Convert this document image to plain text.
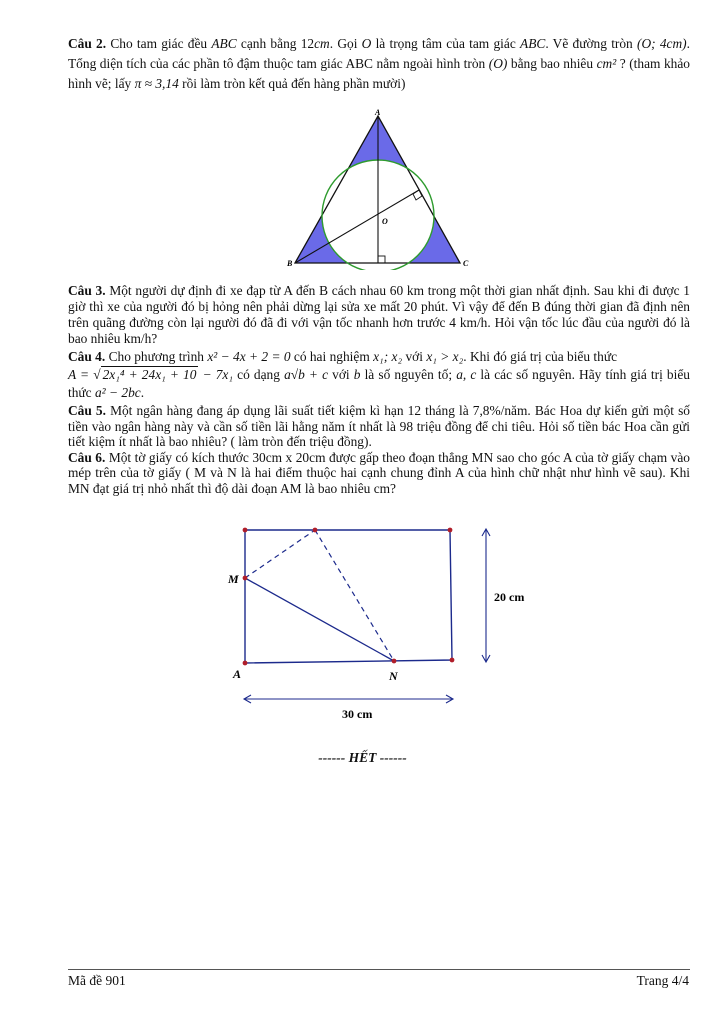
Câu 2. Cho tam giác đều ABC cạnh bằng 12cm. Gọi O là trọng tâm của tam giác ABC. Vẽ đường tròn (O; 4cm). Tổng diện tích của các phần tô đậm thuộc tam giác ABC nằm ngoài hình tròn (O) bằng bao nhiêu cm² ? (tham khảo hình vẽ; lấy π ≈ 3,14 rồi làm tròn kết quả đến hàng phần mười)

A
B	C
O

Câu 3. Một người dự định đi xe đạp từ A đến B cách nhau 60 km trong một thời gian nhất định. Sau khi đi được 1 giờ thì xe của người đó bị hỏng nên phải dừng lại sửa xe mất 20 phút. Vì vậy để đến B đúng thời gian đã định nên trên quãng đường còn lại người đó đã đi với vận tốc nhanh hơn trước 4 km/h. Hỏi vận tốc lúc đầu của người đó là bao nhiêu km/h?

Câu 4. Cho phương trình x² − 4x + 2 = 0 có hai nghiệm x₁; x₂ với x₁ > x₂. Khi đó giá trị của biểu thức
A = √ 2x₁⁴ + 24x₁ + 10 − 7x₁ có dạng a√b + c với b là số nguyên tố; a, c là các số nguyên. Hãy tính giá trị biểu thức a² − 2bc.

Câu 5. Một ngân hàng đang áp dụng lãi suất tiết kiệm kì hạn 12 tháng là 7,8%/năm. Bác Hoa dự kiến gửi một số tiền vào ngân hàng này và cần số tiền lãi hằng năm ít nhất là 98 triệu đồng để chi tiêu. Hỏi số tiền bác Hoa cần gửi tiết kiệm ít nhất là bao nhiêu? ( làm tròn đến triệu đồng).

Câu 6. Một tờ giấy có kích thước 30cm x 20cm được gấp theo đoạn thẳng MN sao cho góc A của tờ giấy chạm vào mép trên của tờ giấy ( M và N là hai điểm thuộc hai cạnh chung đỉnh A của hình chữ nhật như hình vẽ sau). Khi MN đạt giá trị nhỏ nhất thì độ dài đoạn AM là bao nhiêu cm?

M
A	N
20 cm
30 cm
------ HẾT ------
Mã đề 901	Trang 4/4
